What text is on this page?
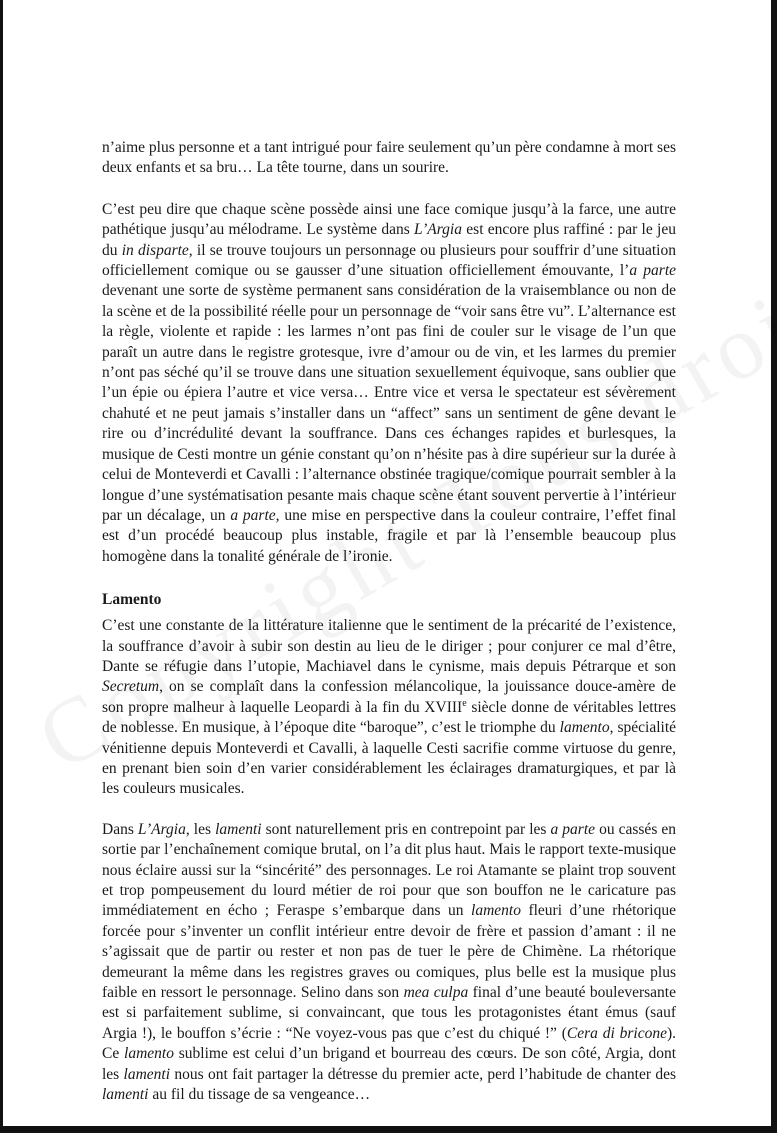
n’aime plus personne et a tant intrigué pour faire seulement qu’un père condamne à mort ses deux enfants et sa bru… La tête tourne, dans un sourire.

C’est peu dire que chaque scène possède ainsi une face comique jusqu’à la farce, une autre pathétique jusqu’au mélodrame. Le système dans L’Argia est encore plus raffiné : par le jeu du in disparte, il se trouve toujours un personnage ou plusieurs pour souffrir d’une situation officiellement comique ou se gausser d’une situation officiellement émouvante, l’a parte devenant une sorte de système permanent sans considération de la vraisemblance ou non de la scène et de la possibilité réelle pour un personnage de “voir sans être vu”. L’alternance est la règle, violente et rapide : les larmes n’ont pas fini de couler sur le visage de l’un que paraît un autre dans le registre grotesque, ivre d’amour ou de vin, et les larmes du premier n’ont pas séché qu’il se trouve dans une situation sexuellement équivoque, sans oublier que l’un épie ou épiera l’autre et vice versa… Entre vice et versa le spectateur est sévèrement chahuté et ne peut jamais s’installer dans un “affect” sans un sentiment de gêne devant le rire ou d’incrédulité devant la souffrance. Dans ces échanges rapides et burlesques, la musique de Cesti montre un génie constant qu’on n’hésite pas à dire supérieur sur la durée à celui de Monteverdi et Cavalli : l’alternance obstinée tragique/comique pourrait sembler à la longue d’une systématisation pesante mais chaque scène étant souvent pervertie à l’intérieur par un décalage, un a parte, une mise en perspective dans la couleur contraire, l’effet final est d’un procédé beaucoup plus instable, fragile et par là l’ensemble beaucoup plus homogène dans la tonalité générale de l’ironie.

Lamento

C’est une constante de la littérature italienne que le sentiment de la précarité de l’existence, la souffrance d’avoir à subir son destin au lieu de le diriger ; pour conjurer ce mal d’être, Dante se réfugie dans l’utopie, Machiavel dans le cynisme, mais depuis Pétrarque et son Secretum, on se complaît dans la confession mélancolique, la jouissance douce-amère de son propre malheur à laquelle Leopardi à la fin du XVIIIe siècle donne de véritables lettres de noblesse. En musique, à l’époque dite “baroque”, c’est le triomphe du lamento, spécialité vénitienne depuis Monteverdi et Cavalli, à laquelle Cesti sacrifie comme virtuose du genre, en prenant bien soin d’en varier considérablement les éclairages dramaturgiques, et par là les couleurs musicales.

Dans L’Argia, les lamenti sont naturellement pris en contrepoint par les a parte ou cassés en sortie par l’enchaînement comique brutal, on l’a dit plus haut. Mais le rapport texte-musique nous éclaire aussi sur la “sincérité” des personnages. Le roi Atamante se plaint trop souvent et trop pompeusement du lourd métier de roi pour que son bouffon ne le caricature pas immédiatement en écho ; Feraspe s’embarque dans un lamento fleuri d’une rhétorique forcée pour s’inventer un conflit intérieur entre devoir de frère et passion d’amant : il ne s’agissait que de partir ou rester et non pas de tuer le père de Chimène. La rhétorique demeurant la même dans les registres graves ou comiques, plus belle est la musique plus faible en ressort le personnage. Selino dans son mea culpa final d’une beauté bouleversante est si parfaitement sublime, si convaincant, que tous les protagonistes étant émus (sauf Argia !), le bouffon s’écrie : “Ne voyez-vous pas que c’est du chiqué !” (Cera di bricone). Ce lamento sublime est celui d’un brigand et bourreau des cœurs. De son côté, Argia, dont les lamenti nous ont fait partager la détresse du premier acte, perd l’habitude de chanter des lamenti au fil du tissage de sa vengeance…
